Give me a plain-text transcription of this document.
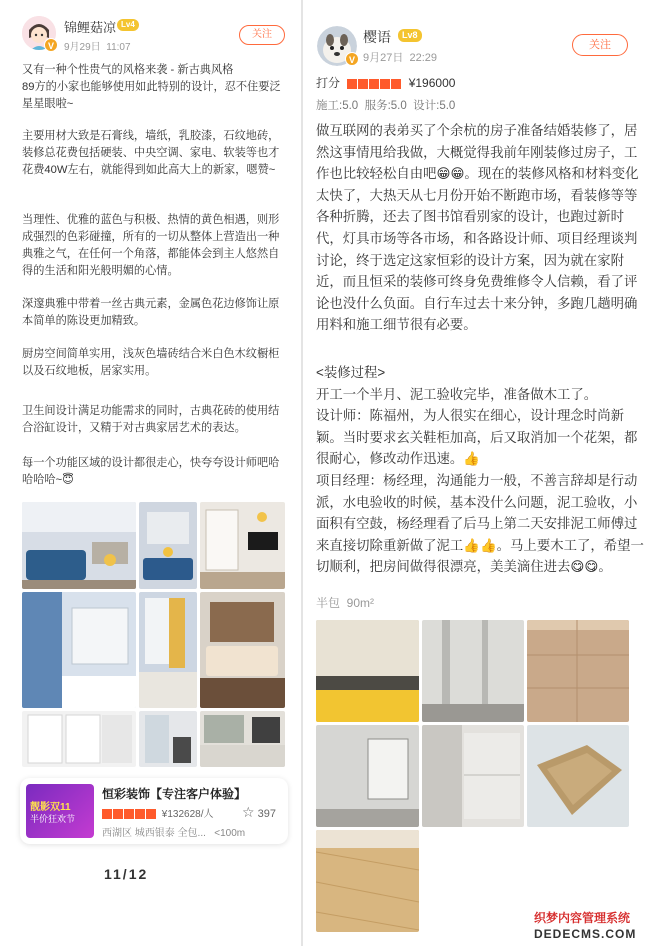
V
锦鲤菇凉 Lv4
9月29日 11:07
关注
又有一种个性贵气的风格来袭 - 新古典风格
89方的小家也能够使用如此特别的设计，忍不住要泛星星眼啦~
主要用材大致是石膏线，墙纸，乳胶漆，石纹地砖，装修总花费包括硬装、中央空调、家电、软装等也才花费40W左右，就能得到如此高大上的新家，嗯赞~
当理性、优雅的蓝色与积极、热情的黄色相遇，则形成强烈的色彩碰撞，所有的一切从整体上营造出一种典雅之气，在任何一个角落，都能体会到主人悠然自得的生活和阳光般明媚的心情。
深邃典雅中带着一丝古典元素，金属色花边修饰让原本简单的陈设更加精致。
厨房空间简单实用，浅灰色墙砖结合米白色木纹橱柜以及石纹地板，居家实用。
卫生间设计满足功能需求的同时，古典花砖的使用结合浴缸设计，又精于对古典家居艺术的表达。
每一个功能区域的设计都很走心，快夸夸设计师吧哈哈哈哈~😇
靓影双11
半价狂欢节
恒彩装饰【专注客户体验】
¥132628/人 ☆ 397
西湖区 城西银泰 全包... <100m
11/12
V
樱语	Lv8
9月27日 22:29
关注
打分	¥196000
施工:5.0  服务:5.0  设计:5.0
做互联网的表弟买了个余杭的房子准备结婚装修了，居然这事情甩给我做，大概觉得我前年刚装修过房子，工作也比较轻松自由吧😁😁。现在的装修风格和材料变化太快了，大热天从七月份开始不断跑市场，看装修等等各种折腾，还去了图书馆看别家的设计，也跑过新时代，灯具市场等各市场，和各路设计师、项目经理谈判讨论，终于选定这家恒彩的设计方案，因为就在家附近，而且恒采的装修可终身免费维修令人信赖，看了评论也没什么负面。自行车过去十来分钟，多跑几趟明确用料和施工细节很有必要。
<装修过程>
开工一个半月、泥工验收完毕，准备做木工了。
设计师：陈福州，为人很实在细心，设计理念时尚新颖。当时要求玄关鞋柜加高，后又取消加一个花架，都很耐心，修改动作迅速。👍
项目经理：杨经理，沟通能力一般，不善言辞却是行动派，水电验收的时候，基本没什么问题，泥工验收，小面积有空鼓，杨经理看了后马上第二天安排泥工师傅过来直接切除重新做了泥工👍👍。马上要木工了，希望一切顺利，把房间做得很漂亮，美美滴住进去😋😋。
半包  90m²
织梦内容管理系统
DEDECMS.COM
